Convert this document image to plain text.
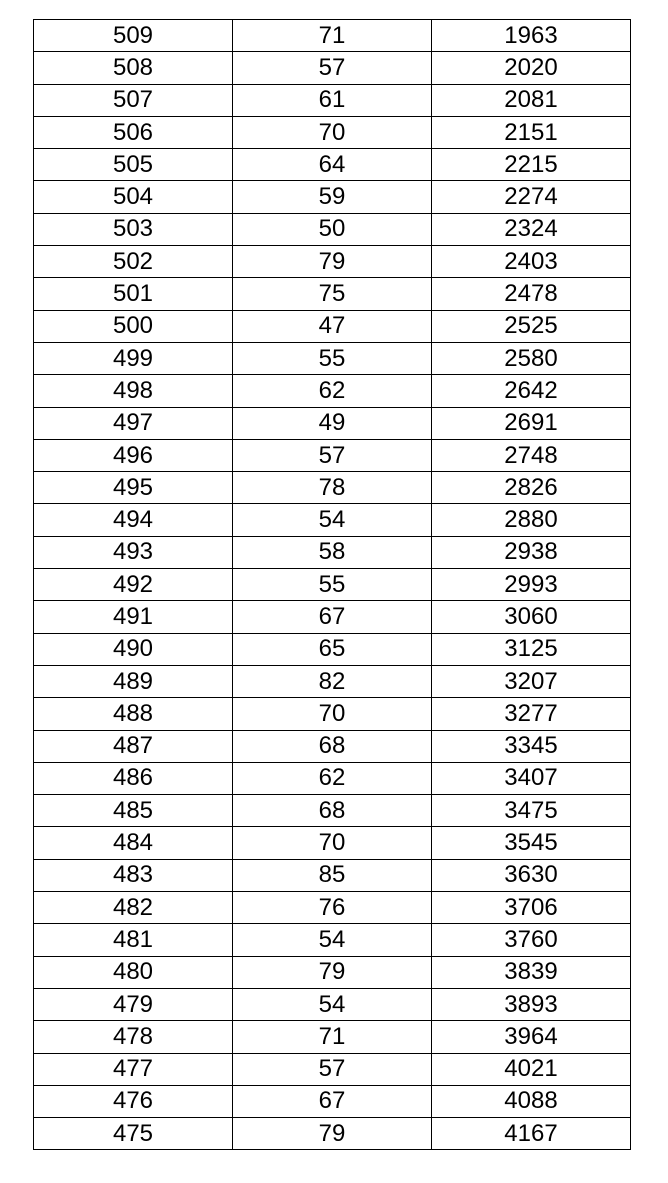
509	71	1963
508	57	2020
507	61	2081
506	70	2151
505	64	2215
504	59	2274
503	50	2324
502	79	2403
501	75	2478
500	47	2525
499	55	2580
498	62	2642
497	49	2691
496	57	2748
495	78	2826
494	54	2880
493	58	2938
492	55	2993
491	67	3060
490	65	3125
489	82	3207
488	70	3277
487	68	3345
486	62	3407
485	68	3475
484	70	3545
483	85	3630
482	76	3706
481	54	3760
480	79	3839
479	54	3893
478	71	3964
477	57	4021
476	67	4088
475	79	4167
